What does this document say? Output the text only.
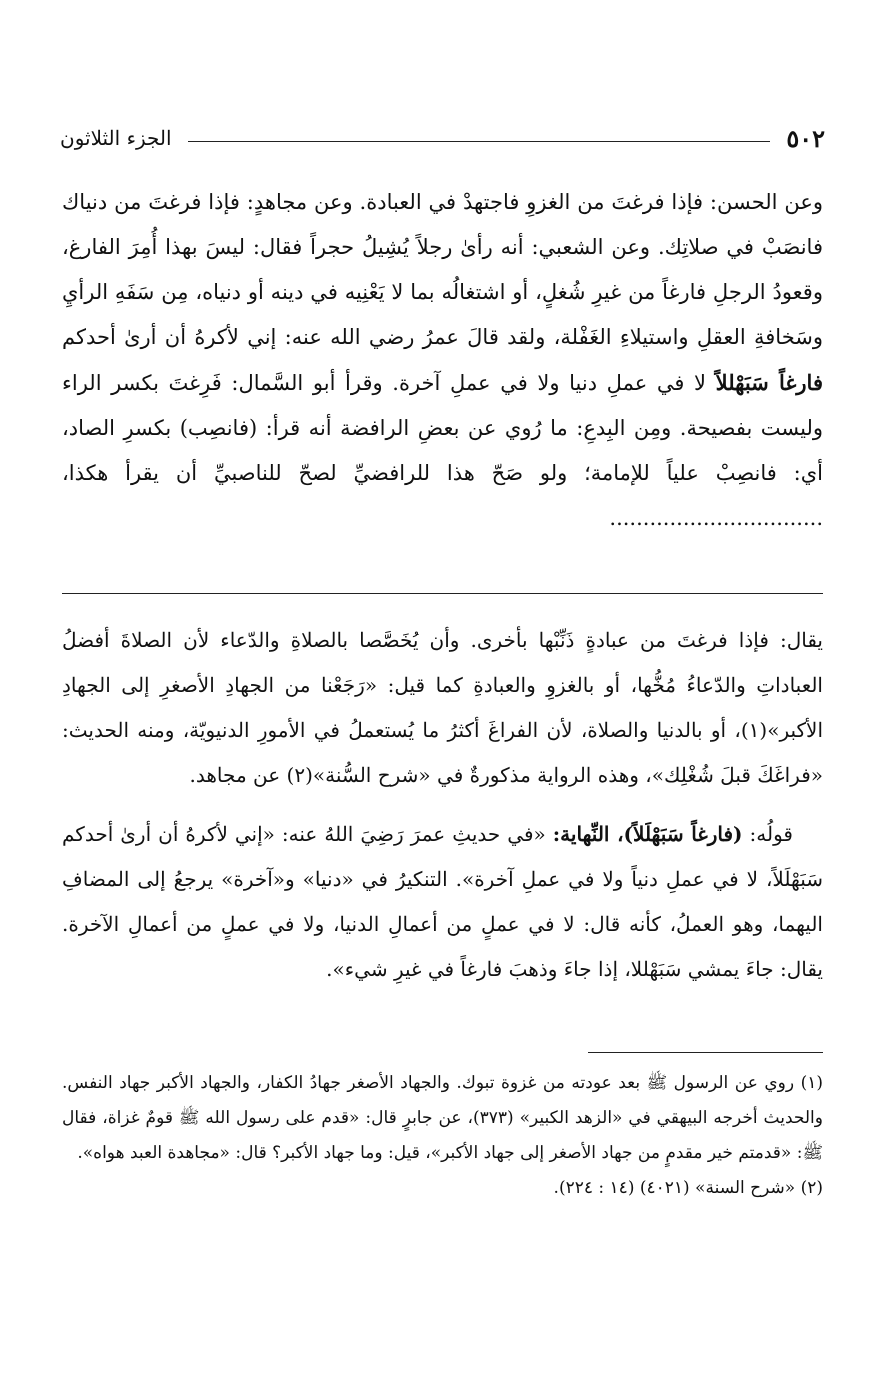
٥٠٢
الجزء الثلاثون
وعن الحسن: فإذا فرغتَ من الغزوِ فاجتهدْ في العبادة. وعن مجاهدٍ: فإذا فرغتَ من دنياك فانصَبْ في صلاتِك. وعن الشعبي: أنه رأىٰ رجلاً يُشِيلُ حجراً فقال: ليسَ بهذا أُمِرَ الفارغ، وقعودُ الرجلِ فارغاً من غيرِ شُغلٍ، أو اشتغالُه بما لا يَعْنِيه في دينه أو دنياه، مِن سَفَهِ الرأيِ وسَخافةِ العقلِ واستيلاءِ الغَفْلة، ولقد قالَ عمرُ رضي الله عنه: إني لأكرهُ أن أرىٰ أحدكم فارغاً سَبَهْللاً لا في عملِ دنيا ولا في عملِ آخرة. وقرأ أبو السَّمال: فَرِغتَ بكسر الراء وليست بفصيحة. ومِن البِدعِ: ما رُوي عن بعضِ الرافضة أنه قرأ: (فانصِب) بكسرِ الصاد، أي: فانصِبْ علياً للإمامة؛ ولو صَحّ هذا للرافضيِّ لصحّ للناصبيِّ أن يقرأ هكذا، ................................

يقال: فإذا فرغتَ من عبادةٍ ذَنِّبْها بأخرى. وأن يُخَصَّصا بالصلاةِ والدّعاء لأن الصلاةَ أفضلُ العباداتِ والدّعاءُ مُخُّها، أو بالغزوِ والعبادةِ كما قيل: «رَجَعْنا من الجهادِ الأصغرِ إلى الجهادِ الأكبر»(١)، أو بالدنيا والصلاة، لأن الفراغَ أكثرُ ما يُستعملُ في الأمورِ الدنيويّة، ومنه الحديث: «فراغَكَ قبلَ شُغْلِك»، وهذه الرواية مذكورةٌ في «شرح السُّنة»(٢) عن مجاهد.

قولُه: (فارغاً سَبَهْلَلاً)، النِّهاية: «في حديثِ عمرَ رَضِيَ اللهُ عنه: «إني لأكرهُ أن أرىٰ أحدكم سَبَهْلَلاً، لا في عملِ دنياً ولا في عملِ آخرة». التنكيرُ في «دنيا» و«آخرة» يرجعُ إلى المضافِ اليهما، وهو العملُ، كأنه قال: لا في عملٍ من أعمالِ الدنيا، ولا في عملٍ من أعمالِ الآخرة. يقال: جاءَ يمشي سَبَهْللا، إذا جاءَ وذهبَ فارغاً في غيرِ شيء».

(١) روي عن الرسول ﷺ بعد عودته من غزوة تبوك. والجهاد الأصغر جهادُ الكفار، والجهاد الأكبر جهاد النفس. والحديث أخرجه البيهقي في «الزهد الكبير» (٣٧٣)، عن جابرٍ قال: «قدم على رسول الله ﷺ قومٌ غزاة، فقال ﷺ: «قدمتم خير مقدمٍ من جهاد الأصغر إلى جهاد الأكبر»، قيل: وما جهاد الأكبر؟ قال: «مجاهدة العبد هواه».

(٢) «شرح السنة» (٤٠٢١) (١٤ : ٢٢٤).
